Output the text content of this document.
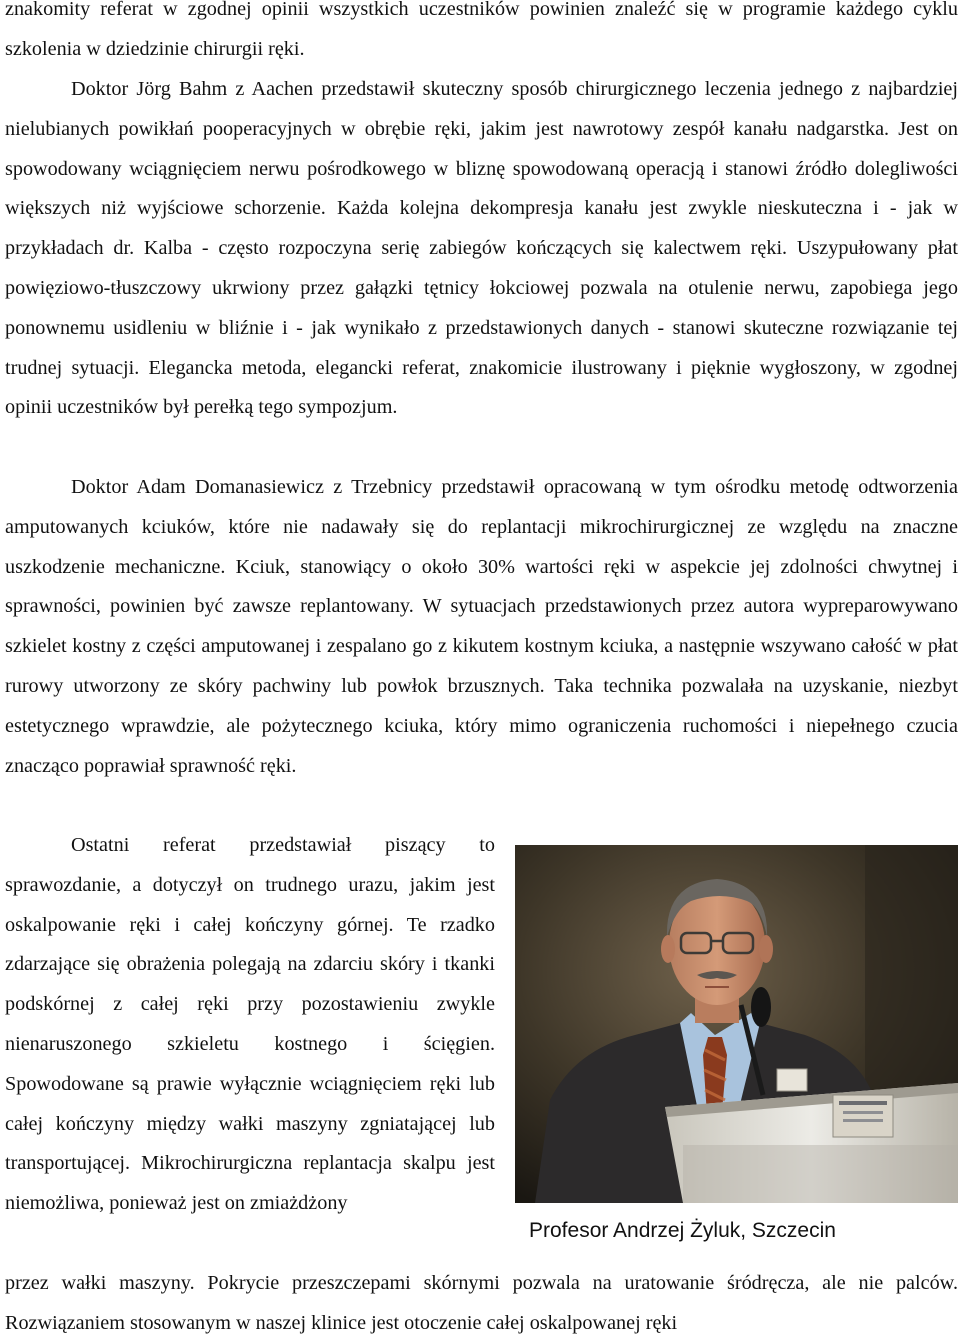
znakomity referat w zgodnej opinii wszystkich uczestników powinien znaleźć się w programie każdego cyklu szkolenia w dziedzinie chirurgii ręki.

Doktor Jörg Bahm z Aachen przedstawił skuteczny sposób chirurgicznego leczenia jednego z najbardziej nielubianych powikłań pooperacyjnych w obrębie ręki, jakim jest nawrotowy zespół kanału nadgarstka. Jest on spowodowany wciągnięciem nerwu pośrodkowego w bliznę spowodowaną operacją i stanowi źródło dolegliwości większych niż wyjściowe schorzenie. Każda kolejna dekompresja kanału jest zwykle nieskuteczna i - jak w przykładach dr. Kalba - często rozpoczyna serię zabiegów kończących się kalectwem ręki. Uszypułowany płat powięziowo-tłuszczowy ukrwiony przez gałązki tętnicy łokciowej pozwala na otulenie nerwu, zapobiega jego ponownemu usidleniu w bliźnie i - jak wynikało z przedstawionych danych - stanowi skuteczne rozwiązanie tej trudnej sytuacji. Elegancka metoda, elegancki referat, znakomicie ilustrowany i pięknie wygłoszony, w zgodnej opinii uczestników był perełką tego sympozjum.

Doktor Adam Domanasiewicz z Trzebnicy przedstawił opracowaną w tym ośrodku metodę odtworzenia amputowanych kciuków, które nie nadawały się do replantacji mikrochirurgicznej ze względu na znaczne uszkodzenie mechaniczne. Kciuk, stanowiący o około 30% wartości ręki w aspekcie jej zdolności chwytnej i sprawności, powinien być zawsze replantowany. W sytuacjach przedstawionych przez autora wypreparowywano szkielet kostny z części amputowanej i zespalano go z kikutem kostnym kciuka, a następnie wszywano całość w płat rurowy utworzony ze skóry pachwiny lub powłok brzusznych. Taka technika pozwalała na uzyskanie, niezbyt estetycznego wprawdzie, ale pożytecznego kciuka, który mimo ograniczenia ruchomości i niepełnego czucia znacząco poprawiał sprawność ręki.

Ostatni referat przedstawiał piszący to sprawozdanie, a dotyczył on trudnego urazu, jakim jest oskalpowanie ręki i całej kończyny górnej. Te rzadko zdarzające się obrażenia polegają na zdarciu skóry i tkanki podskórnej z całej ręki przy pozostawieniu zwykle nienaruszonego szkieletu kostnego i ścięgien. Spowodowane są prawie wyłącznie wciągnięciem ręki lub całej kończyny między wałki maszyny zgniatającej lub transportującej. Mikrochirurgiczna replantacja skalpu jest niemożliwa, ponieważ jest on zmiażdżony

Profesor Andrzej Żyluk, Szczecin

przez wałki maszyny. Pokrycie przeszczepami skórnymi pozwala na uratowanie śródręcza, ale nie palców. Rozwiązaniem stosowanym w naszej klinice jest otoczenie całej oskalpowanej ręki
